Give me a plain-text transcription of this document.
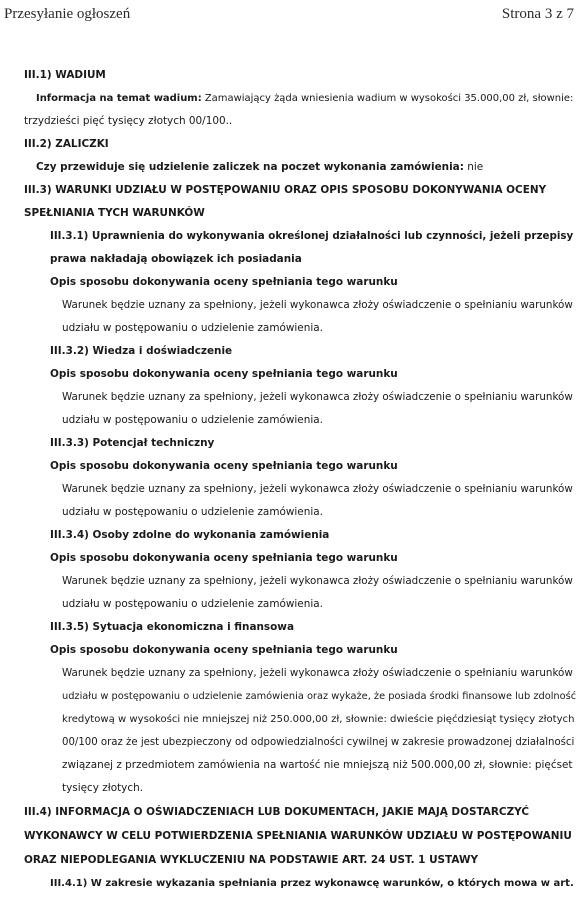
Przesyłanie ogłoszeń	Strona 3 z 7
III.1) WADIUM
Informacja na temat wadium: Zamawiający żąda wniesienia wadium w wysokości 35.000,00 zł, słownie:
trzydzieści pięć tysięcy złotych 00/100..
III.2) ZALICZKI
Czy przewiduje się udzielenie zaliczek na poczet wykonania zamówienia: nie
III.3) WARUNKI UDZIAŁU W POSTĘPOWANIU ORAZ OPIS SPOSOBU DOKONYWANIA OCENY
SPEŁNIANIA TYCH WARUNKÓW
III.3.1) Uprawnienia do wykonywania określonej działalności lub czynności, jeżeli przepisy
prawa nakładają obowiązek ich posiadania
Opis sposobu dokonywania oceny spełniania tego warunku
Warunek będzie uznany za spełniony, jeżeli wykonawca złoży oświadczenie o spełnianiu warunków
udziału w postępowaniu o udzielenie zamówienia.
III.3.2) Wiedza i doświadczenie
Opis sposobu dokonywania oceny spełniania tego warunku
Warunek będzie uznany za spełniony, jeżeli wykonawca złoży oświadczenie o spełnianiu warunków
udziału w postępowaniu o udzielenie zamówienia.
III.3.3) Potencjał techniczny
Opis sposobu dokonywania oceny spełniania tego warunku
Warunek będzie uznany za spełniony, jeżeli wykonawca złoży oświadczenie o spełnianiu warunków
udziału w postępowaniu o udzielenie zamówienia.
III.3.4) Osoby zdolne do wykonania zamówienia
Opis sposobu dokonywania oceny spełniania tego warunku
Warunek będzie uznany za spełniony, jeżeli wykonawca złoży oświadczenie o spełnianiu warunków
udziału w postępowaniu o udzielenie zamówienia.
III.3.5) Sytuacja ekonomiczna i finansowa
Opis sposobu dokonywania oceny spełniania tego warunku
Warunek będzie uznany za spełniony, jeżeli wykonawca złoży oświadczenie o spełnianiu warunków
udziału w postępowaniu o udzielenie zamówienia oraz wykaże, że posiada środki finansowe lub zdolność
kredytową w wysokości nie mniejszej niż 250.000,00 zł, słownie: dwieście pięćdziesiąt tysięcy złotych
00/100 oraz że jest ubezpieczony od odpowiedzialności cywilnej w zakresie prowadzonej działalności
związanej z przedmiotem zamówienia na wartość nie mniejszą niż 500.000,00 zł, słownie: pięćset
tysięcy złotych.
III.4) INFORMACJA O OŚWIADCZENIACH LUB DOKUMENTACH, JAKIE MAJĄ DOSTARCZYĆ
WYKONAWCY W CELU POTWIERDZENIA SPEŁNIANIA WARUNKÓW UDZIAŁU W POSTĘPOWANIU
ORAZ NIEPODLEGANIA WYKLUCZENIU NA PODSTAWIE ART. 24 UST. 1 USTAWY
III.4.1) W zakresie wykazania spełniania przez wykonawcę warunków, o których mowa w art.
